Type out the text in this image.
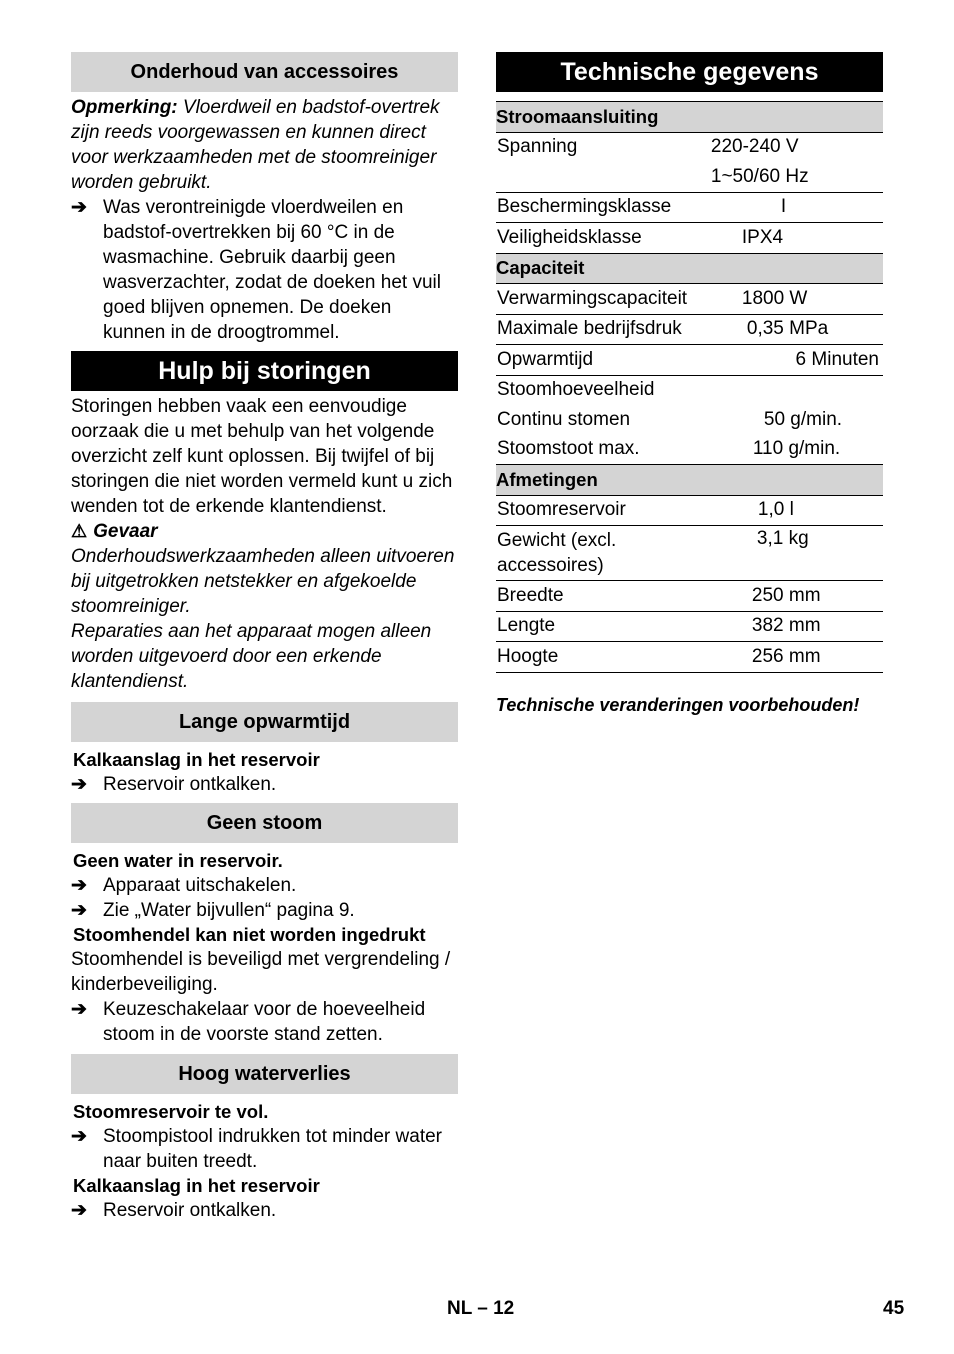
Onderhoud van accessoires

Opmerking: Vloerdweil en badstof-overtrek zijn reeds voorgewassen en kunnen direct voor werkzaamheden met de stoomreiniger worden gebruikt.

➔ Was verontreinigde vloerdweilen en badstof-overtrekken bij 60 °C in de wasmachine. Gebruik daarbij geen wasverzachter, zodat de doeken het vuil goed blijven opnemen. De doeken kunnen in de droogtrommel.
Hulp bij storingen

Storingen hebben vaak een eenvoudige oorzaak die u met behulp van het volgende overzicht zelf kunt oplossen. Bij twijfel of bij storingen die niet worden vermeld kunt u zich wenden tot de erkende klantendienst.

⚠ Gevaar

Onderhoudswerkzaamheden alleen uitvoeren bij uitgetrokken netstekker en afgekoelde stoomreiniger.

Reparaties aan het apparaat mogen alleen worden uitgevoerd door een erkende klantendienst.

Lange opwarmtijd

Kalkaanslag in het reservoir

➔ Reservoir ontkalken.
Geen stoom

Geen water in reservoir.

➔ Apparaat uitschakelen.
➔ Zie „Water bijvullen“ pagina 9.

Stoomhendel kan niet worden ingedrukt

Stoomhendel is beveiligd met vergrendeling / kinderbeveiliging.

➔ Keuzeschakelaar voor de hoeveelheid stoom in de voorste stand zetten.
Hoog waterverlies

Stoomreservoir te vol.

➔ Stoompistool indrukken tot minder water naar buiten treedt.

Kalkaanslag in het reservoir

➔ Reservoir ontkalken.
Technische gegevens
Stroomaansluiting	
Spanning	220-240 V
	1~50/60 Hz
Beschermingsklasse	I
Veiligheidsklasse	IPX4
Capaciteit	
Verwarmingscapaciteit	1800 W
Maximale bedrijfsdruk	0,35 MPa
Opwarmtijd	6 Minuten
Stoomhoeveelheid	
Continu stomen	50 g/min.
Stoomstoot max.	110 g/min.
Afmetingen	
Stoomreservoir	1,0 l
Gewicht (excl. accessoires)	3,1 kg
Breedte	250 mm
Lengte	382 mm
Hoogte	256 mm

Technische veranderingen voorbehouden!

NL – 12	45
